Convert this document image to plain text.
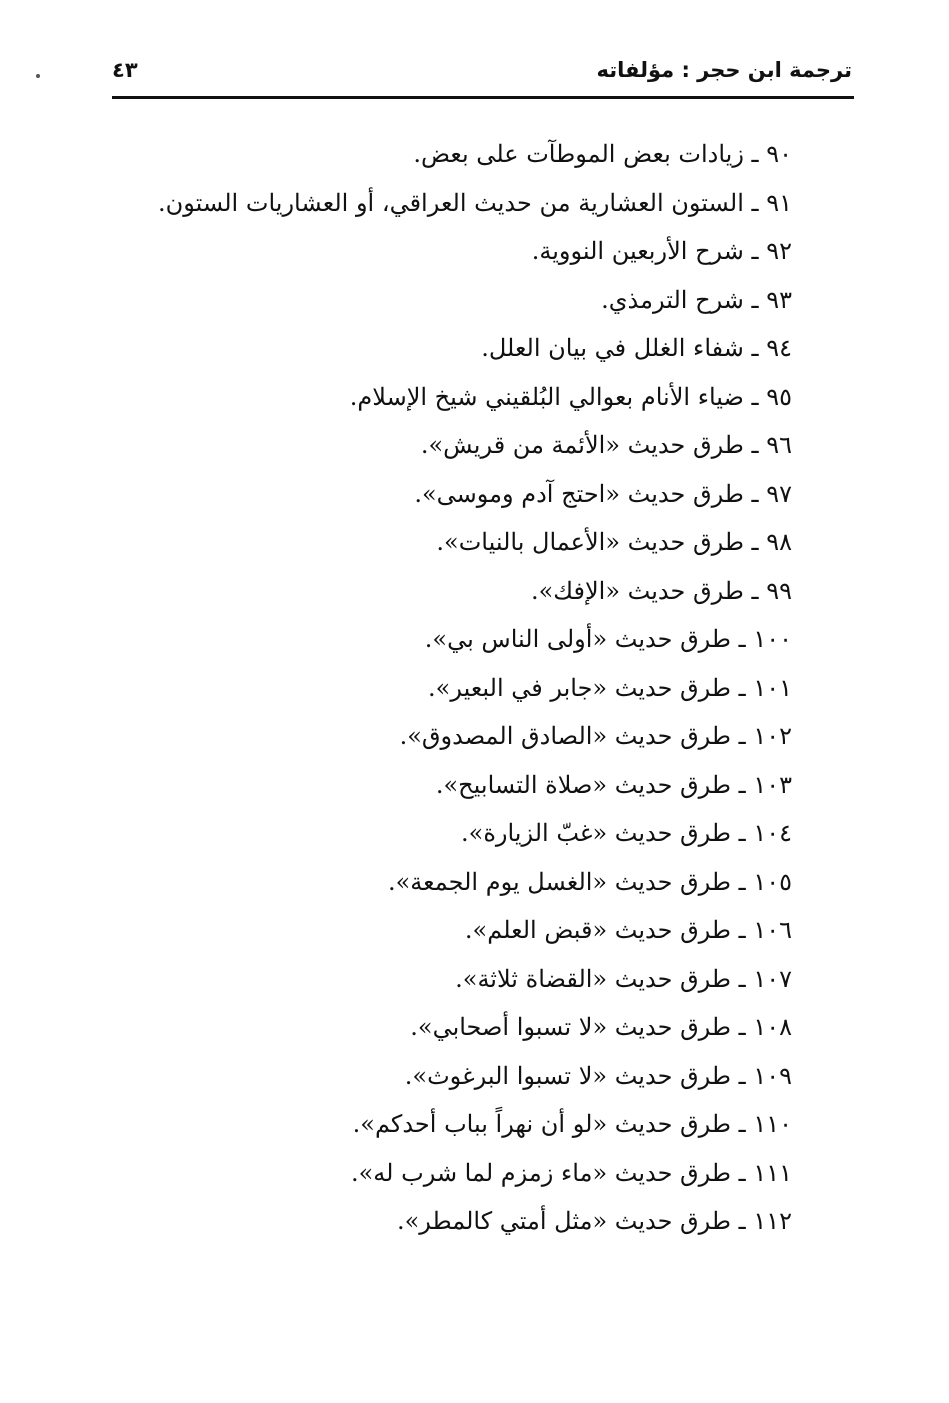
ترجمة ابن حجر : مؤلفاته
٤٣
٩٠ ـ زيادات بعض الموطآت على بعض.
٩١ ـ الستون العشارية من حديث العراقي، أو العشاريات الستون.
٩٢ ـ شرح الأربعين النووية.
٩٣ ـ شرح الترمذي.
٩٤ ـ شفاء الغلل في بيان العلل.
٩٥ ـ ضياء الأنام بعوالي البُلقيني شيخ الإسلام.
٩٦ ـ طرق حديث «الأئمة من قريش».
٩٧ ـ طرق حديث «احتج آدم وموسى».
٩٨ ـ طرق حديث «الأعمال بالنيات».
٩٩ ـ طرق حديث «الإفك».
١٠٠ ـ طرق حديث «أولى الناس بي».
١٠١ ـ طرق حديث «جابر في البعير».
١٠٢ ـ طرق حديث «الصادق المصدوق».
١٠٣ ـ طرق حديث «صلاة التسابيح».
١٠٤ ـ طرق حديث «غبّ الزيارة».
١٠٥ ـ طرق حديث «الغسل يوم الجمعة».
١٠٦ ـ طرق حديث «قبض العلم».
١٠٧ ـ طرق حديث «القضاة ثلاثة».
١٠٨ ـ طرق حديث «لا تسبوا أصحابي».
١٠٩ ـ طرق حديث «لا تسبوا البرغوث».
١١٠ ـ طرق حديث «لو أن نهراً بباب أحدكم».
١١١ ـ طرق حديث «ماء زمزم لما شرب له».
١١٢ ـ طرق حديث «مثل أمتي كالمطر».
